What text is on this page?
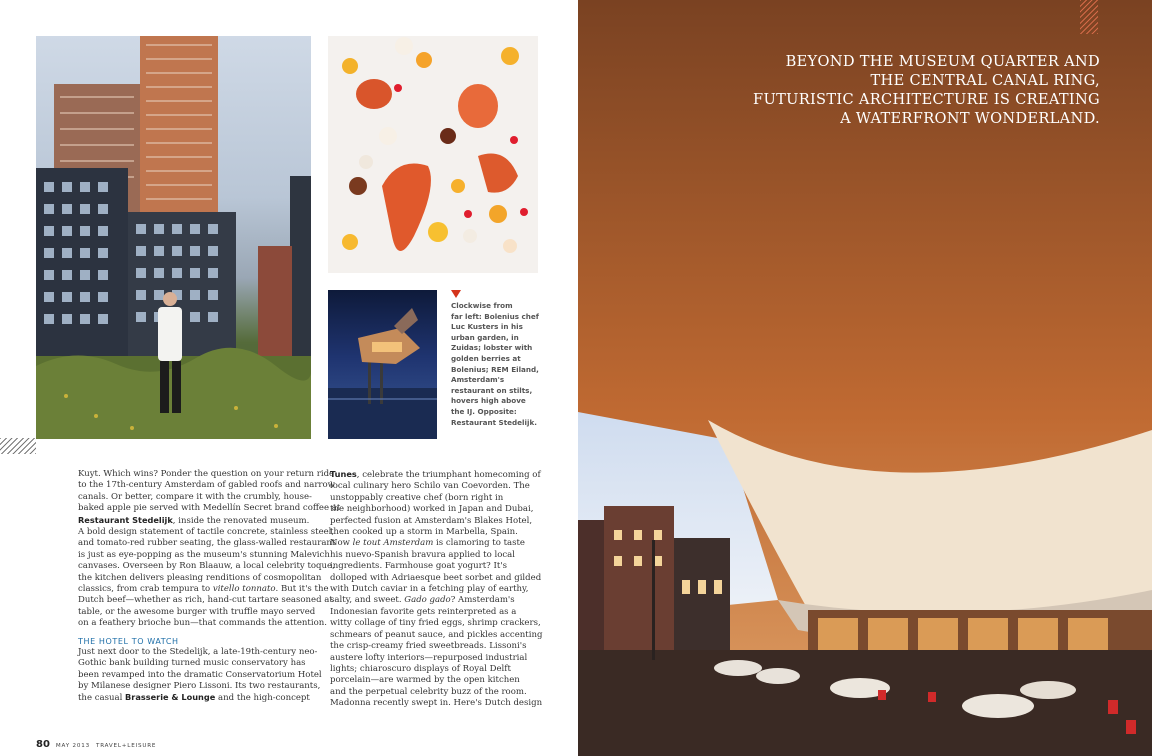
Clockwise from
far left: Bolenius chef
Luc Kusters in his
urban garden, in
Zuidas; lobster with
golden berries at
Bolenius; REM Eiland,
Amsterdam's
restaurant on stilts,
hovers high above
the IJ. Opposite:
Restaurant Stedelijk.
Kuyt. Which wins? Ponder the question on your return ride
to the 17th-century Amsterdam of gabled roofs and narrow
canals. Or better, compare it with the crumbly, house-
baked apple pie served with Medellín Secret brand coffee at
Restaurant Stedelijk, inside the renovated museum.
A bold design statement of tactile concrete, stainless steel,
and tomato-red rubber seating, the glass-walled restaurant
is just as eye-popping as the museum's stunning Malevich
canvases. Overseen by Ron Blaauw, a local celebrity toque,
the kitchen delivers pleasing renditions of cosmopolitan
classics, from crab tempura to vitello tonnato. But it's the
Dutch beef—whether as rich, hand-cut tartare seasoned at
table, or the awesome burger with truffle mayo served
on a feathery brioche bun—that commands the attention.
THE HOTEL TO WATCH
Just next door to the Stedelijk, a late-19th-century neo-
Gothic bank building turned music conservatory has
been revamped into the dramatic Conservatorium Hotel
by Milanese designer Piero Lissoni. Its two restaurants,
the casual Brasserie & Lounge and the high-concept
Tunes, celebrate the triumphant homecoming of
local culinary hero Schilo van Coevorden. The
unstoppably creative chef (born right in
the neighborhood) worked in Japan and Dubai,
perfected fusion at Amsterdam's Blakes Hotel,
then cooked up a storm in Marbella, Spain.
Now le tout Amsterdam is clamoring to taste
his nuevo-Spanish bravura applied to local
ingredients. Farmhouse goat yogurt? It's
dolloped with Adriaesque beet sorbet and gilded
with Dutch caviar in a fetching play of earthy,
salty, and sweet. Gado gado? Amsterdam's
Indonesian favorite gets reinterpreted as a
witty collage of tiny fried eggs, shrimp crackers,
schmears of peanut sauce, and pickles accenting
the crisp-creamy fried sweetbreads. Lissoni's
austere lofty interiors—repurposed industrial
lights; chiaroscuro displays of Royal Delft
porcelain—are warmed by the open kitchen
and the perpetual celebrity buzz of the room.
Madonna recently swept in. Here's Dutch design
80 MAY 2013 TRAVEL+LEISURE
BEYOND THE MUSEUM QUARTER AND
THE CENTRAL CANAL RING,
FUTURISTIC ARCHITECTURE IS CREATING
A WATERFRONT WONDERLAND.
